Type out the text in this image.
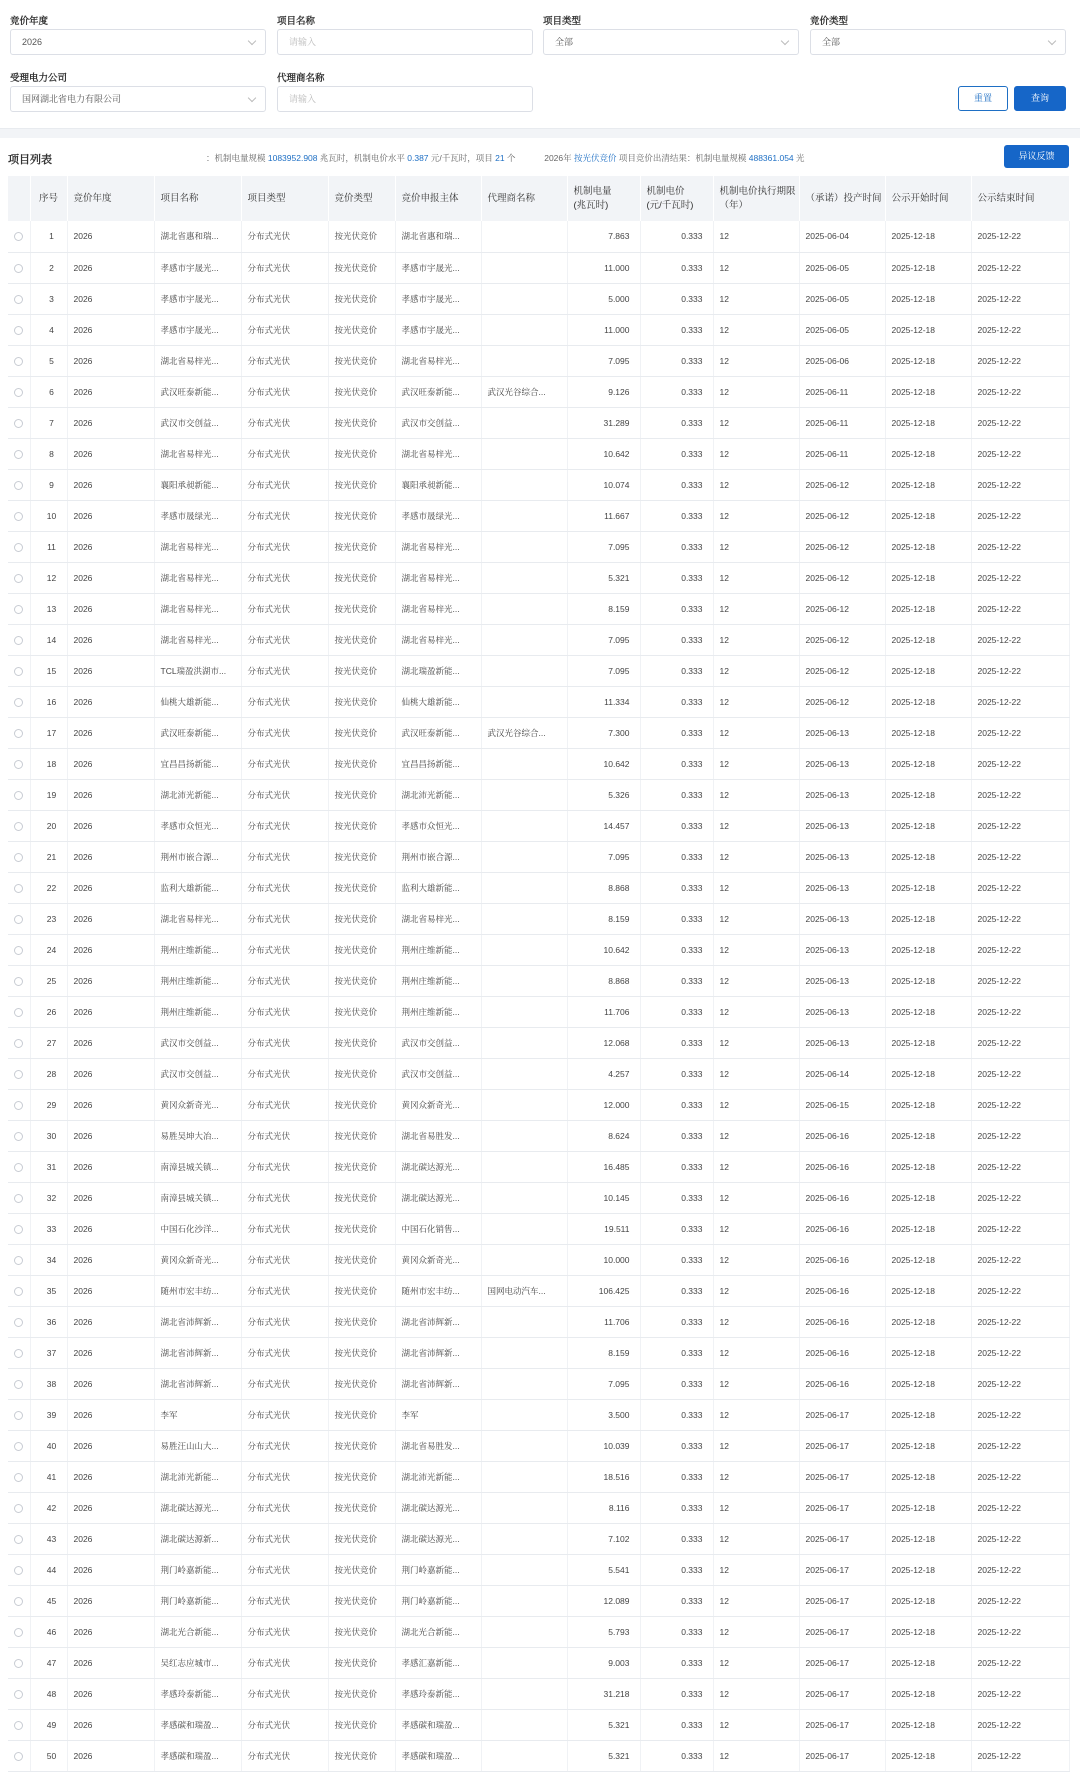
竞价年度
2026
项目名称
请输入
项目类型
全部
竞价类型
全部
受理电力公司
国网湖北省电力有限公司
代理商名称
请输入	重置	查询
项目列表	：机制电量规模 1083952.908 兆瓦时，机制电价水平 0.387 元/千瓦时，项目 21 个	2026年 按光伏竞价 项目竞价出清结果：机制电量规模 488361.054 光	异议反馈
	序号	竞价年度	项目名称	项目类型	竞价类型	竞价申报主体	代理商名称	机制电量
(兆瓦时)	机制电价
(元/千瓦时)	机制电价执行期限（年）	（承诺）投产时间	公示开始时间	公示结束时间
	1	2026	湖北省惠和瑞...	分布式光伏	按光伏竞价	湖北省惠和瑞...		7.863	0.333	12	2025-06-04	2025-12-18	2025-12-22
	2	2026	孝感市宇晟光...	分布式光伏	按光伏竞价	孝感市宇晟光...		11.000	0.333	12	2025-06-05	2025-12-18	2025-12-22
	3	2026	孝感市宇晟光...	分布式光伏	按光伏竞价	孝感市宇晟光...		5.000	0.333	12	2025-06-05	2025-12-18	2025-12-22
	4	2026	孝感市宇晟光...	分布式光伏	按光伏竞价	孝感市宇晟光...		11.000	0.333	12	2025-06-05	2025-12-18	2025-12-22
	5	2026	湖北省易梓光...	分布式光伏	按光伏竞价	湖北省易梓光...		7.095	0.333	12	2025-06-06	2025-12-18	2025-12-22
	6	2026	武汉旺泰新能...	分布式光伏	按光伏竞价	武汉旺泰新能...	武汉光谷综合...	9.126	0.333	12	2025-06-11	2025-12-18	2025-12-22
	7	2026	武汉市交创益...	分布式光伏	按光伏竞价	武汉市交创益...		31.289	0.333	12	2025-06-11	2025-12-18	2025-12-22
	8	2026	湖北省易梓光...	分布式光伏	按光伏竞价	湖北省易梓光...		10.642	0.333	12	2025-06-11	2025-12-18	2025-12-22
	9	2026	襄阳承昶新能...	分布式光伏	按光伏竞价	襄阳承昶新能...		10.074	0.333	12	2025-06-12	2025-12-18	2025-12-22
	10	2026	孝感市晟绿光...	分布式光伏	按光伏竞价	孝感市晟绿光...		11.667	0.333	12	2025-06-12	2025-12-18	2025-12-22
	11	2026	湖北省易梓光...	分布式光伏	按光伏竞价	湖北省易梓光...		7.095	0.333	12	2025-06-12	2025-12-18	2025-12-22
	12	2026	湖北省易梓光...	分布式光伏	按光伏竞价	湖北省易梓光...		5.321	0.333	12	2025-06-12	2025-12-18	2025-12-22
	13	2026	湖北省易梓光...	分布式光伏	按光伏竞价	湖北省易梓光...		8.159	0.333	12	2025-06-12	2025-12-18	2025-12-22
	14	2026	湖北省易梓光...	分布式光伏	按光伏竞价	湖北省易梓光...		7.095	0.333	12	2025-06-12	2025-12-18	2025-12-22
	15	2026	TCL瑞盈洪湖市...	分布式光伏	按光伏竞价	湖北瑞盈新能...		7.095	0.333	12	2025-06-12	2025-12-18	2025-12-22
	16	2026	仙桃大雄新能...	分布式光伏	按光伏竞价	仙桃大雄新能...		11.334	0.333	12	2025-06-12	2025-12-18	2025-12-22
	17	2026	武汉旺泰新能...	分布式光伏	按光伏竞价	武汉旺泰新能...	武汉光谷综合...	7.300	0.333	12	2025-06-13	2025-12-18	2025-12-22
	18	2026	宜昌昌扬新能...	分布式光伏	按光伏竞价	宜昌昌扬新能...		10.642	0.333	12	2025-06-13	2025-12-18	2025-12-22
	19	2026	湖北沛光新能...	分布式光伏	按光伏竞价	湖北沛光新能...		5.326	0.333	12	2025-06-13	2025-12-18	2025-12-22
	20	2026	孝感市众恒光...	分布式光伏	按光伏竞价	孝感市众恒光...		14.457	0.333	12	2025-06-13	2025-12-18	2025-12-22
	21	2026	荆州市嵌合源...	分布式光伏	按光伏竞价	荆州市嵌合源...		7.095	0.333	12	2025-06-13	2025-12-18	2025-12-22
	22	2026	监利大雄新能...	分布式光伏	按光伏竞价	监利大雄新能...		8.868	0.333	12	2025-06-13	2025-12-18	2025-12-22
	23	2026	湖北省易梓光...	分布式光伏	按光伏竞价	湖北省易梓光...		8.159	0.333	12	2025-06-13	2025-12-18	2025-12-22
	24	2026	荆州庄维新能...	分布式光伏	按光伏竞价	荆州庄维新能...		10.642	0.333	12	2025-06-13	2025-12-18	2025-12-22
	25	2026	荆州庄维新能...	分布式光伏	按光伏竞价	荆州庄维新能...		8.868	0.333	12	2025-06-13	2025-12-18	2025-12-22
	26	2026	荆州庄维新能...	分布式光伏	按光伏竞价	荆州庄维新能...		11.706	0.333	12	2025-06-13	2025-12-18	2025-12-22
	27	2026	武汉市交创益...	分布式光伏	按光伏竞价	武汉市交创益...		12.068	0.333	12	2025-06-13	2025-12-18	2025-12-22
	28	2026	武汉市交创益...	分布式光伏	按光伏竞价	武汉市交创益...		4.257	0.333	12	2025-06-14	2025-12-18	2025-12-22
	29	2026	黄冈众新奇光...	分布式光伏	按光伏竞价	黄冈众新奇光...		12.000	0.333	12	2025-06-15	2025-12-18	2025-12-22
	30	2026	易胜吴坤大冶...	分布式光伏	按光伏竞价	湖北省易胜发...		8.624	0.333	12	2025-06-16	2025-12-18	2025-12-22
	31	2026	南漳县城关镇...	分布式光伏	按光伏竞价	湖北碳达源光...		16.485	0.333	12	2025-06-16	2025-12-18	2025-12-22
	32	2026	南漳县城关镇...	分布式光伏	按光伏竞价	湖北碳达源光...		10.145	0.333	12	2025-06-16	2025-12-18	2025-12-22
	33	2026	中国石化沙洋...	分布式光伏	按光伏竞价	中国石化销售...		19.511	0.333	12	2025-06-16	2025-12-18	2025-12-22
	34	2026	黄冈众新奇光...	分布式光伏	按光伏竞价	黄冈众新奇光...		10.000	0.333	12	2025-06-16	2025-12-18	2025-12-22
	35	2026	随州市宏丰纺...	分布式光伏	按光伏竞价	随州市宏丰纺...	国网电动汽车...	106.425	0.333	12	2025-06-16	2025-12-18	2025-12-22
	36	2026	湖北省沛辉新...	分布式光伏	按光伏竞价	湖北省沛辉新...		11.706	0.333	12	2025-06-16	2025-12-18	2025-12-22
	37	2026	湖北省沛辉新...	分布式光伏	按光伏竞价	湖北省沛辉新...		8.159	0.333	12	2025-06-16	2025-12-18	2025-12-22
	38	2026	湖北省沛辉新...	分布式光伏	按光伏竞价	湖北省沛辉新...		7.095	0.333	12	2025-06-16	2025-12-18	2025-12-22
	39	2026	李军	分布式光伏	按光伏竞价	李军		3.500	0.333	12	2025-06-17	2025-12-18	2025-12-22
	40	2026	易胜汪山山大...	分布式光伏	按光伏竞价	湖北省易胜发...		10.039	0.333	12	2025-06-17	2025-12-18	2025-12-22
	41	2026	湖北沛光新能...	分布式光伏	按光伏竞价	湖北沛光新能...		18.516	0.333	12	2025-06-17	2025-12-18	2025-12-22
	42	2026	湖北碳达源光...	分布式光伏	按光伏竞价	湖北碳达源光...		8.116	0.333	12	2025-06-17	2025-12-18	2025-12-22
	43	2026	湖北碳达源新...	分布式光伏	按光伏竞价	湖北碳达源光...		7.102	0.333	12	2025-06-17	2025-12-18	2025-12-22
	44	2026	荆门岭嘉新能...	分布式光伏	按光伏竞价	荆门岭嘉新能...		5.541	0.333	12	2025-06-17	2025-12-18	2025-12-22
	45	2026	荆门岭嘉新能...	分布式光伏	按光伏竞价	荆门岭嘉新能...		12.089	0.333	12	2025-06-17	2025-12-18	2025-12-22
	46	2026	湖北光合新能...	分布式光伏	按光伏竞价	湖北光合新能...		5.793	0.333	12	2025-06-17	2025-12-18	2025-12-22
	47	2026	吴红志应城市...	分布式光伏	按光伏竞价	孝感汇嘉新能...		9.003	0.333	12	2025-06-17	2025-12-18	2025-12-22
	48	2026	孝感玲泰新能...	分布式光伏	按光伏竞价	孝感玲泰新能...		31.218	0.333	12	2025-06-17	2025-12-18	2025-12-22
	49	2026	孝感碳和瑞盈...	分布式光伏	按光伏竞价	孝感碳和瑞盈...		5.321	0.333	12	2025-06-17	2025-12-18	2025-12-22
	50	2026	孝感碳和瑞盈...	分布式光伏	按光伏竞价	孝感碳和瑞盈...		5.321	0.333	12	2025-06-17	2025-12-18	2025-12-22
